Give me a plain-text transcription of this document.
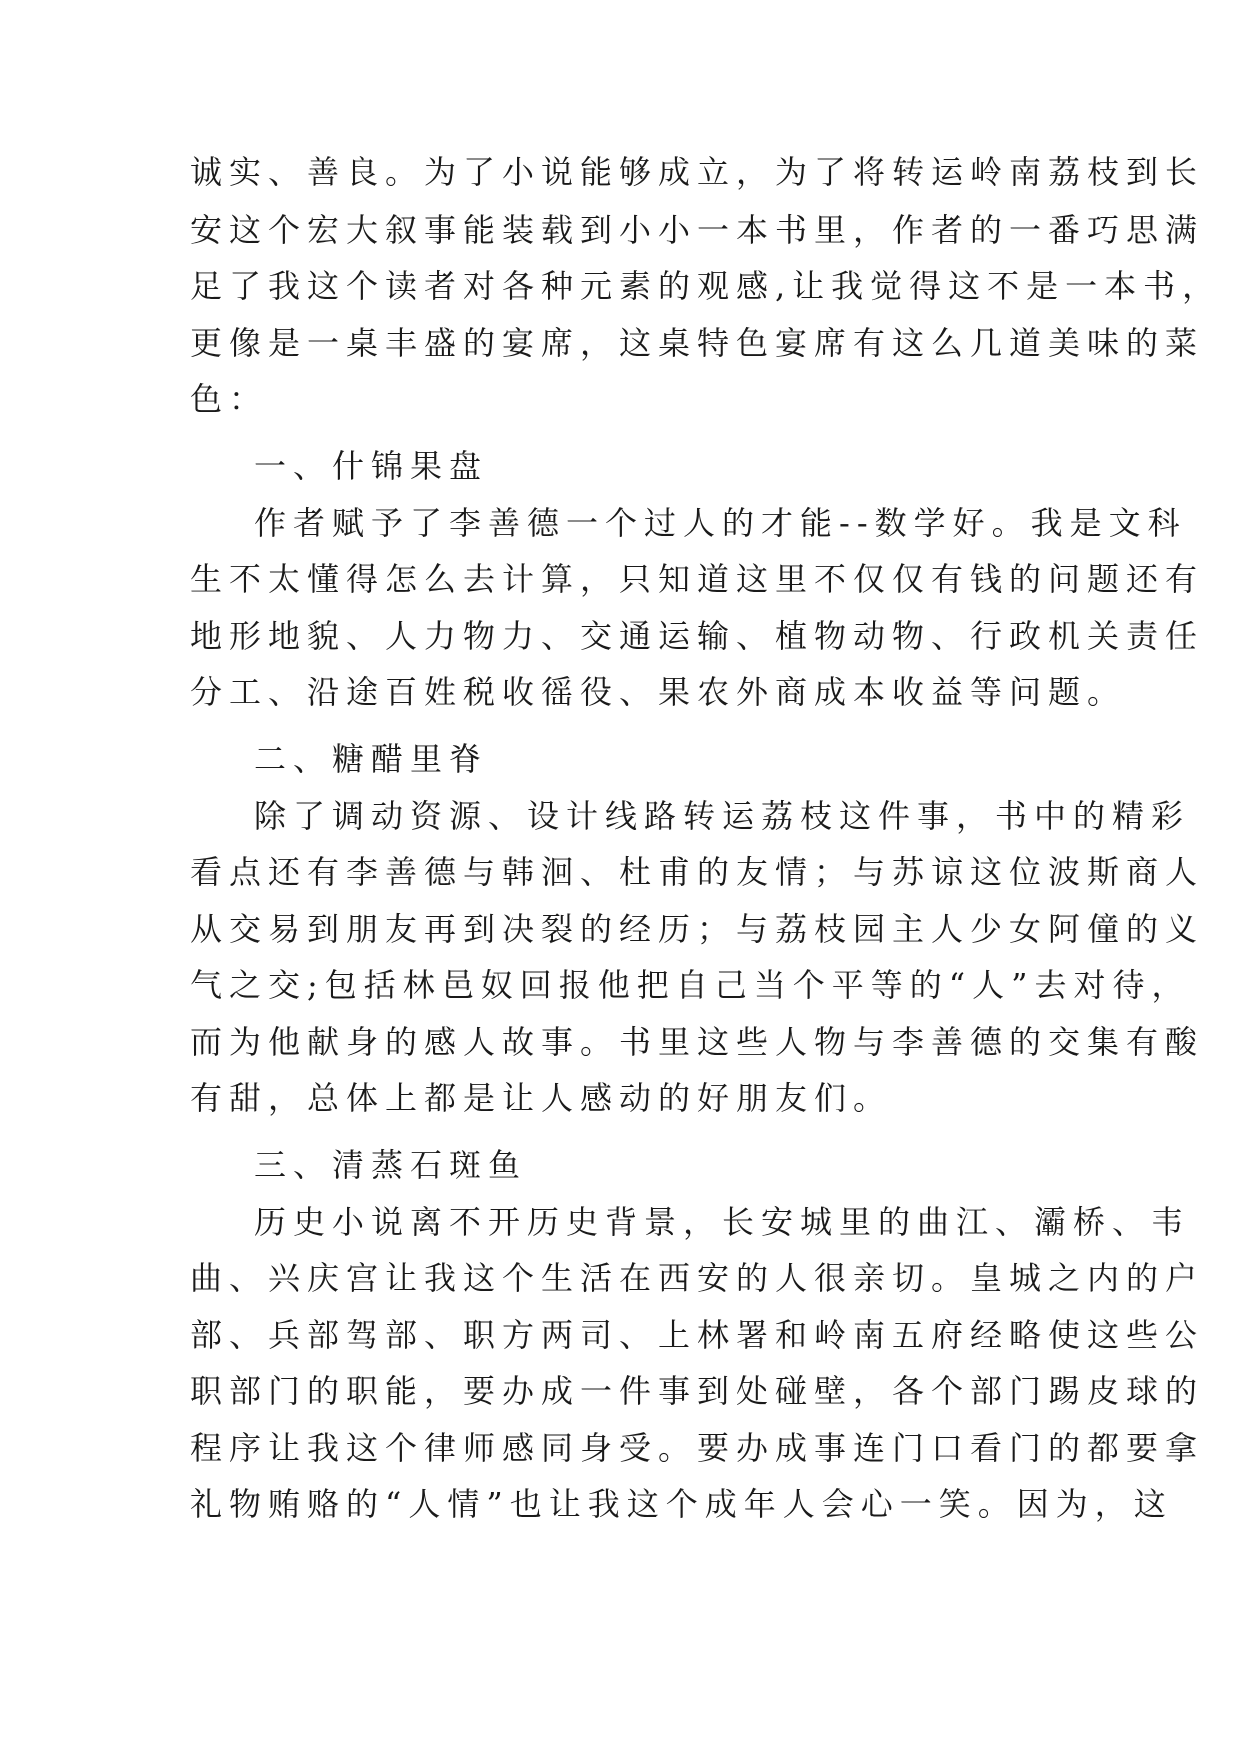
诚实、善良。为了小说能够成立，为了将转运岭南荔枝到长
安这个宏大叙事能装载到小小一本书里，作者的一番巧思满
足了我这个读者对各种元素的观感,让我觉得这不是一本书，
更像是一桌丰盛的宴席，这桌特色宴席有这么几道美味的菜
色：
一、什锦果盘
作者赋予了李善德一个过人的才能--数学好。我是文科
生不太懂得怎么去计算，只知道这里不仅仅有钱的问题还有
地形地貌、人力物力、交通运输、植物动物、行政机关责任
分工、沿途百姓税收徭役、果农外商成本收益等问题。
二、糖醋里脊
除了调动资源、设计线路转运荔枝这件事，书中的精彩
看点还有李善德与韩洄、杜甫的友情；与苏谅这位波斯商人
从交易到朋友再到决裂的经历；与荔枝园主人少女阿僮的义
气之交;包括林邑奴回报他把自己当个平等的“人”去对待，
而为他献身的感人故事。书里这些人物与李善德的交集有酸
有甜，总体上都是让人感动的好朋友们。
三、清蒸石斑鱼
历史小说离不开历史背景，长安城里的曲江、灞桥、韦
曲、兴庆宫让我这个生活在西安的人很亲切。皇城之内的户
部、兵部驾部、职方两司、上林署和岭南五府经略使这些公
职部门的职能，要办成一件事到处碰壁，各个部门踢皮球的
程序让我这个律师感同身受。要办成事连门口看门的都要拿
礼物贿赂的“人情”也让我这个成年人会心一笑。因为，这
